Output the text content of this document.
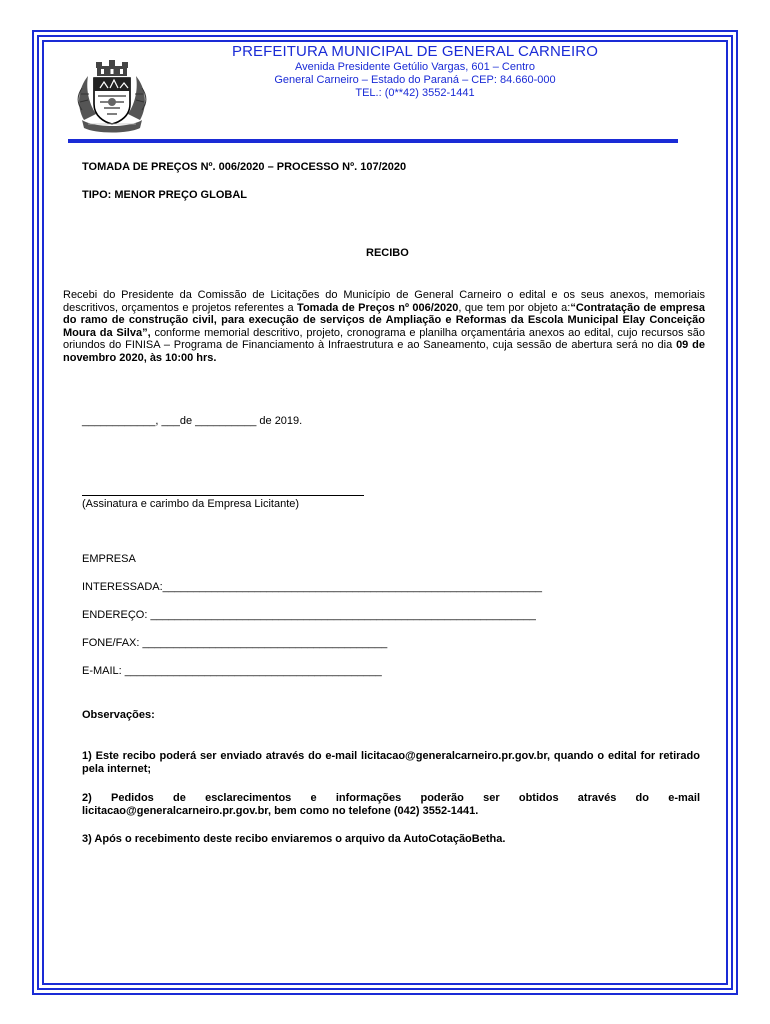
PREFEITURA MUNICIPAL DE GENERAL CARNEIRO
Avenida Presidente Getúlio Vargas, 601 – Centro
General Carneiro – Estado do Paraná – CEP: 84.660-000
TEL.: (0**42) 3552-1441
TOMADA DE PREÇOS Nº. 006/2020 – PROCESSO Nº. 107/2020
TIPO: MENOR PREÇO GLOBAL
RECIBO
Recebi do Presidente da Comissão de Licitações do Município de General Carneiro o edital e os seus anexos, memoriais descritivos, orçamentos e projetos referentes a Tomada de Preços nº 006/2020, que tem por objeto a:“Contratação de empresa do ramo de construção civil, para execução de serviços de Ampliação e Reformas da Escola Municipal Elay Conceição Moura da Silva”, conforme memorial descritivo, projeto, cronograma e planilha orçamentária anexos ao edital, cujo recursos são oriundos do FINISA – Programa de Financiamento à Infraestrutura e ao Saneamento, cuja sessão de abertura será no dia 09 de novembro 2020, às 10:00 hrs.
____________, ___de __________ de 2019.
(Assinatura e carimbo da Empresa Licitante)
EMPRESA
INTERESSADA:______________________________________________________________
ENDEREÇO: _______________________________________________________________
FONE/FAX: ________________________________________
E-MAIL: __________________________________________
Observações:
1) Este recibo poderá ser enviado através do e-mail licitacao@generalcarneiro.pr.gov.br, quando o edital for retirado pela internet;
2) Pedidos de esclarecimentos e informações poderão ser obtidos através do e-mail licitacao@generalcarneiro.pr.gov.br, bem como no telefone (042) 3552-1441.
3) Após o recebimento deste recibo enviaremos o arquivo da AutoCotaçãoBetha.
